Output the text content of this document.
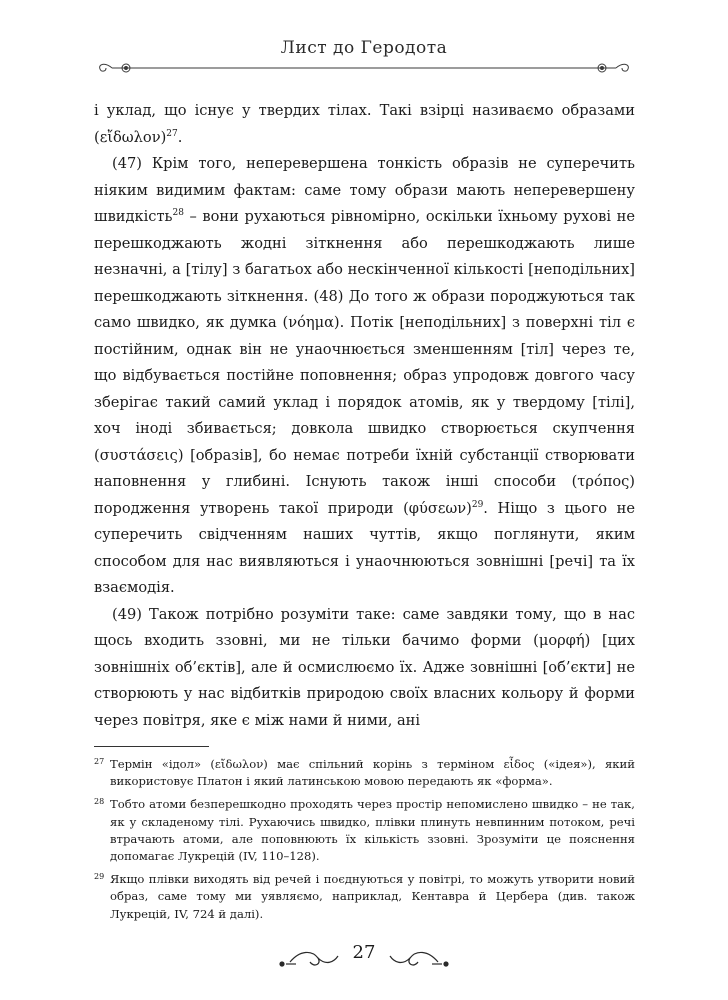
Лист до Геродота

і уклад, що існує у твердих тілах. Такі взірці називаємо образами (εἴδωλον)$^{27}$.

(47) Крім того, неперевершена тонкість образів не суперечить ніяким видимим фактам: саме тому образи мають неперевершену швидкість$^{28}$ – вони рухаються рівномірно, оскільки їхньому рухові не перешкоджають жодні зіткнення або перешкоджають лише незначні, а [тілу] з багатьох або нескінченної кількості [неподільних] перешкоджають зіткнення. (48) До того ж образи породжуються так само швидко, як думка (νόημα). Потік [неподільних] з поверхні тіл є постійним, однак він не унаочнюється зменшенням [тіл] через те, що відбувається постійне поповнення; образ упродовж довгого часу зберігає такий самий уклад і порядок атомів, як у твердому [тілі], хоч іноді збивається; довкола швидко створюється скупчення (συστάσεις) [образів], бо немає потреби їхній субстанції створювати наповнення у глибині. Існують також інші способи (τρόπος) породження утворень такої природи $(\varphi ύ\sigma\varepsilon\omega\nu)^{29}$. Ніщо з цього не суперечить свідченням наших чуттів, якщо поглянути, яким способом для нас виявляються і унаочнюються зовнішні [речі] та їх взаємодія.

(49) Також потрібно розуміти таке: саме завдяки тому, що в нас щось входить ззовні, ми не тільки бачимо форми (μορφή) [цих зовнішніх об’єктів], але й осмислюємо їх. Адже зовнішні [об’єкти] не створюють у нас відбитків природою своїх власних кольору й форми через повітря, яке є між нами й ними, ані

27 Термін «ідол» (εἴδωλον) має спільний корінь з терміном εἶδος («ідея»), який використовує Платон і який латинською мовою передають як «форма».
28 Тобто атоми безперешкодно проходять через простір непомислено швидко – не так, як у складеному тілі. Рухаючись швидко, плівки плинуть невпинним потоком, речі втрачають атоми, але поповнюють їх кількість ззовні. Зрозуміти це пояснення допомагає Лукрецій (IV, 110–128).
29 Якщо плівки виходять від речей і поєднуються у повітрі, то можуть утворити новий образ, саме тому ми уявляємо, наприклад, Кентавра й Цербера (див. також Лукрецій, IV, 724 й далі).
27
